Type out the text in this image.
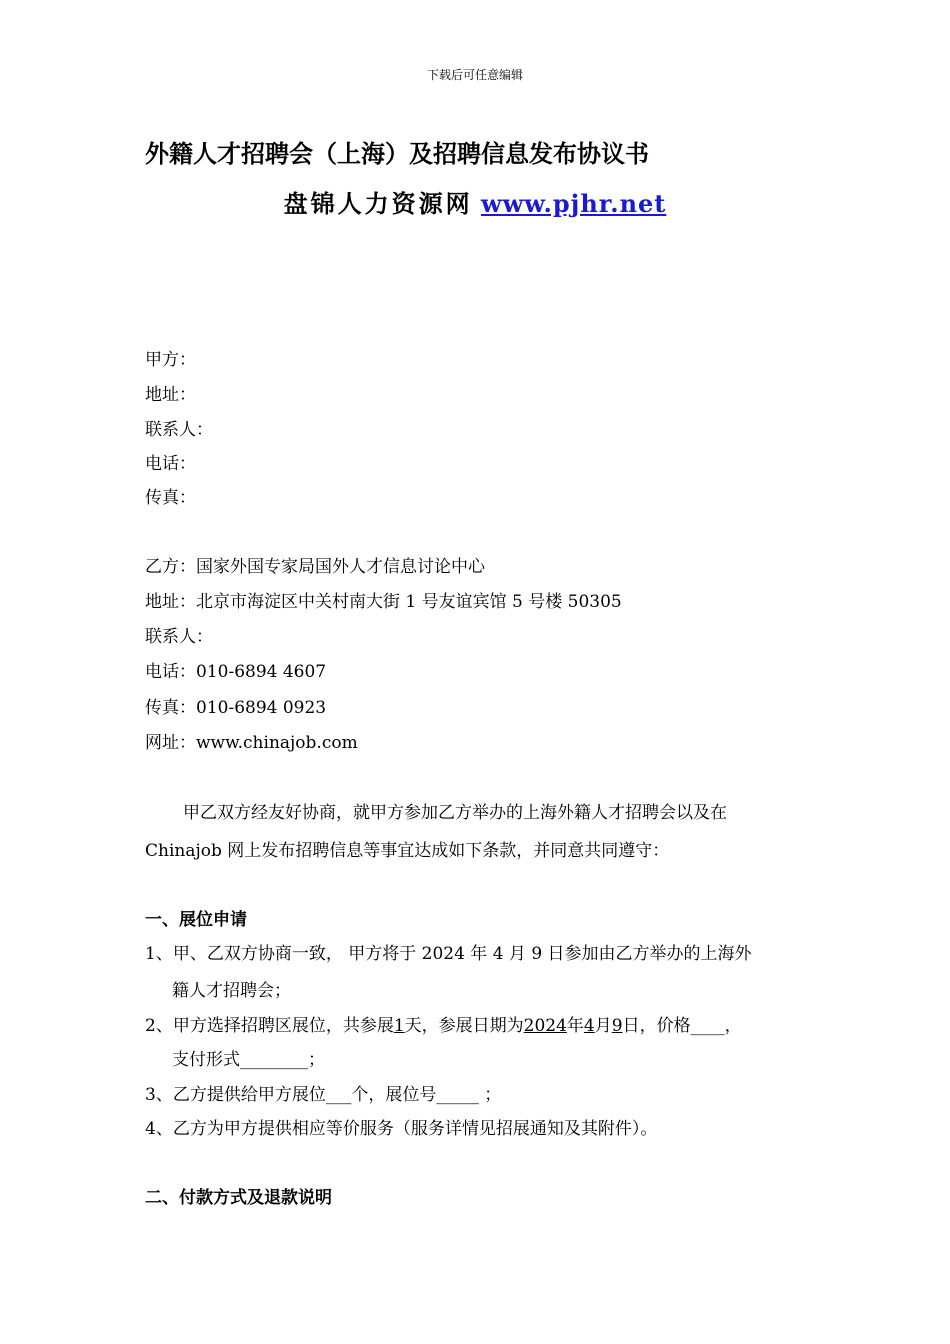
下载后可任意编辑
外籍人才招聘会（上海）及招聘信息发布协议书
盘锦人力资源网 www.pjhr.net
甲方：
地址：
联系人：
电话：
传真：
乙方：国家外国专家局国外人才信息讨论中心
地址：北京市海淀区中关村南大街 1 号友谊宾馆 5 号楼 50305
联系人：
电话：010-6894 4607
传真：010-6894 0923
网址：www.chinajob.com
甲乙双方经友好协商，就甲方参加乙方举办的上海外籍人才招聘会以及在
Chinajob 网上发布招聘信息等事宜达成如下条款，并同意共同遵守：
一、展位申请
1、甲、乙双方协商一致， 甲方将于 2024 年 4 月 9 日参加由乙方举办的上海外
籍人才招聘会；
2、甲方选择招聘区展位，共参展1天，参展日期为2024年4月9日，价格____，
支付形式________；
3、乙方提供给甲方展位___个，展位号_____ ；
4、乙方为甲方提供相应等价服务（服务详情见招展通知及其附件）。
二、付款方式及退款说明
